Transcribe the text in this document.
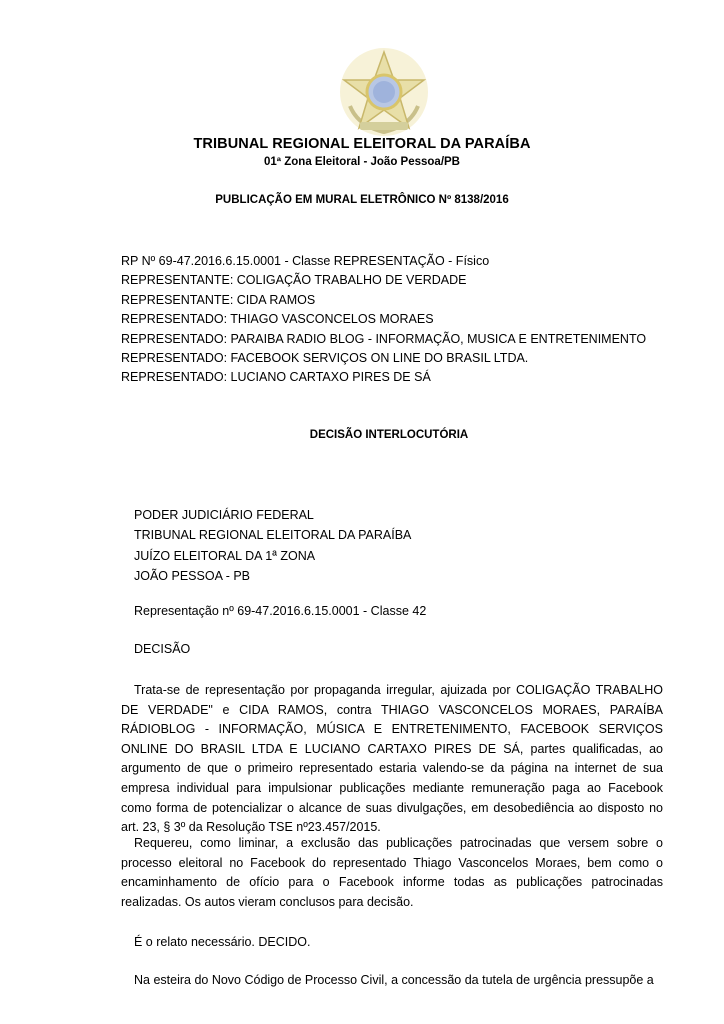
TRIBUNAL REGIONAL ELEITORAL DA PARAÍBA
01ª Zona Eleitoral - João Pessoa/PB
PUBLICAÇÃO EM MURAL ELETRÔNICO Nº 8138/2016
RP Nº 69-47.2016.6.15.0001 - Classe REPRESENTAÇÃO - Físico
REPRESENTANTE: COLIGAÇÃO TRABALHO DE VERDADE
REPRESENTANTE: CIDA RAMOS
REPRESENTADO: THIAGO VASCONCELOS MORAES
REPRESENTADO: PARAIBA RADIO BLOG - INFORMAÇÃO, MUSICA E ENTRETENIMENTO
REPRESENTADO: FACEBOOK SERVIÇOS ON LINE DO BRASIL LTDA.
REPRESENTADO: LUCIANO CARTAXO PIRES DE SÁ
DECISÃO INTERLOCUTÓRIA
PODER JUDICIÁRIO FEDERAL
TRIBUNAL REGIONAL ELEITORAL DA PARAÍBA
JUÍZO ELEITORAL DA 1ª ZONA
JOÃO PESSOA - PB
Representação nº 69-47.2016.6.15.0001 - Classe 42
DECISÃO
Trata-se de representação por propaganda irregular, ajuizada por COLIGAÇÃO TRABALHO DE VERDADE" e CIDA RAMOS, contra THIAGO VASCONCELOS MORAES, PARAÍBA RÁDIOBLOG - INFORMAÇÃO, MÚSICA E ENTRETENIMENTO, FACEBOOK SERVIÇOS ONLINE DO BRASIL LTDA E LUCIANO CARTAXO PIRES DE SÁ, partes qualificadas, ao argumento de que o primeiro representado estaria valendo-se da página na internet de sua empresa individual para impulsionar publicações mediante remuneração paga ao Facebook como forma de potencializar o alcance de suas divulgações, em desobediência ao disposto no art. 23, § 3º da Resolução TSE nº23.457/2015.
Requereu, como liminar, a exclusão das publicações patrocinadas que versem sobre o processo eleitoral no Facebook do representado Thiago Vasconcelos Moraes, bem como o encaminhamento de ofício para o Facebook informe todas as publicações patrocinadas realizadas. Os autos vieram conclusos para decisão.
É o relato necessário. DECIDO.
Na esteira do Novo Código de Processo Civil, a concessão da tutela de urgência pressupõe a
